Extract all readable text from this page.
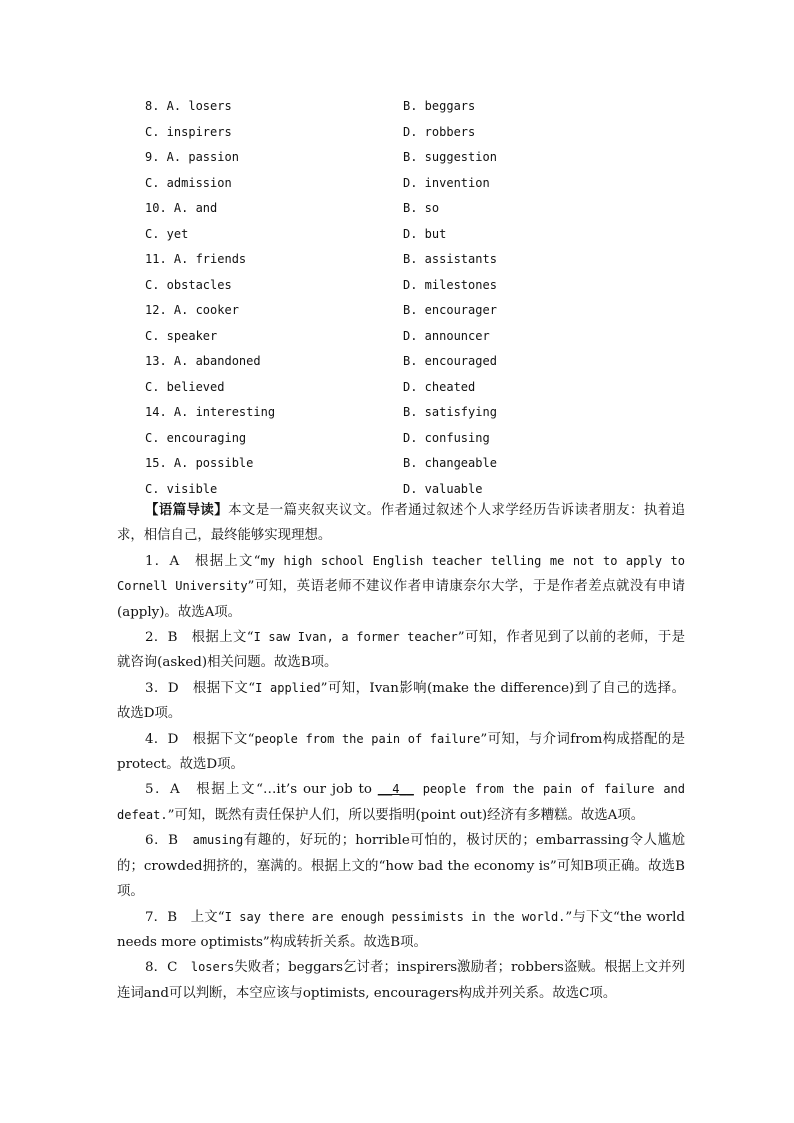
8. A. losers	B. beggars
C. inspirers	D. robbers
9. A. passion	B. suggestion
C. admission	D. invention
10. A. and	B. so
C. yet	D. but
11. A. friends	B. assistants
C. obstacles	D. milestones
12. A. cooker	B. encourager
C. speaker	D. announcer
13. A. abandoned	B. encouraged
C. believed	D. cheated
14. A. interesting	B. satisfying
C. encouraging	D. confusing
15. A. possible	B. changeable
C. visible	D. valuable

【语篇导读】本文是一篇夹叙夹议文。作者通过叙述个人求学经历告诉读者朋友：执着追求，相信自己，最终能够实现理想。

1．A　根据上文“my high school English teacher telling me not to apply to Cornell University”可知，英语老师不建议作者申请康奈尔大学，于是作者差点就没有申请(apply)。故选A项。

2．B　根据上文“I saw Ivan, a former teacher”可知，作者见到了以前的老师，于是就咨询(asked)相关问题。故选B项。

3．D　根据下文“I applied”可知，Ivan影响(make the difference)到了自己的选择。故选D项。

4．D　根据下文“people from the pain of failure”可知，与介词from构成搭配的是protect。故选D项。

5．A　根据上文“…it’s our job to __4__ people from the pain of failure and defeat.”可知，既然有责任保护人们，所以要指明(point out)经济有多糟糕。故选A项。

6．B　amusing有趣的，好玩的；horrible可怕的，极讨厌的；embarrassing令人尴尬的；crowded拥挤的，塞满的。根据上文的“how bad the economy is”可知B项正确。故选B项。

7．B　上文“I say there are enough pessimists in the world.”与下文“the world needs more optimists”构成转折关系。故选B项。

8．C　losers失败者；beggars乞讨者；inspirers激励者；robbers盗贼。根据上文并列连词and可以判断，本空应该与optimists, encouragers构成并列关系。故选C项。
